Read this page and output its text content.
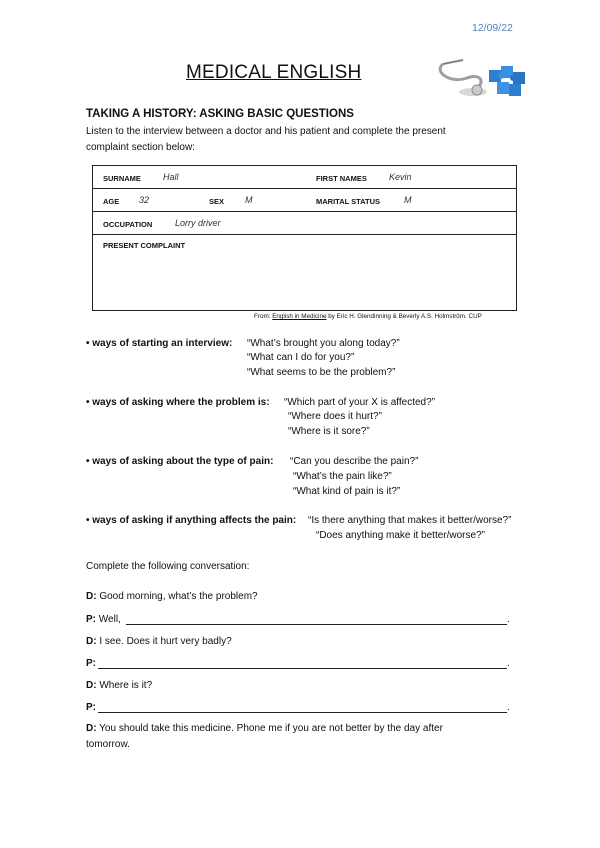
12/09/22
MEDICAL ENGLISH
TAKING A HISTORY: ASKING BASIC QUESTIONS
Listen to the interview between a doctor and his patient and complete the present
complaint section below:
SURNAME Hall	FIRST NAMES Kevin
AGE 32	SEX M	MARITAL STATUS	M
OCCUPATION	Lorry driver
PRESENT COMPLAINT
From: English in Medicine by Eric H. Glendinning & Beverly A.S. Holmström. CUP
• ways of starting an interview: “What’s brought you along today?”
“What can I do for you?”
“What seems to be the problem?”
• ways of asking where the problem is: “Which part of your X is affected?”
“Where does it hurt?”
“Where is it sore?”
• ways of asking about the type of pain: “Can you describe the pain?”
“What’s the pain like?”
“What kind of pain is it?”
• ways of asking if anything affects the pain: “Is there anything that makes it better/worse?”
“Does anything make it better/worse?”
Complete the following conversation:
D: Good morning, what’s the problem?
P: Well,	.
D: I see. Does it hurt very badly?
P:	.
D: Where is it?
P:	.
D: You should take this medicine. Phone me if you are not better by the day after
tomorrow.
